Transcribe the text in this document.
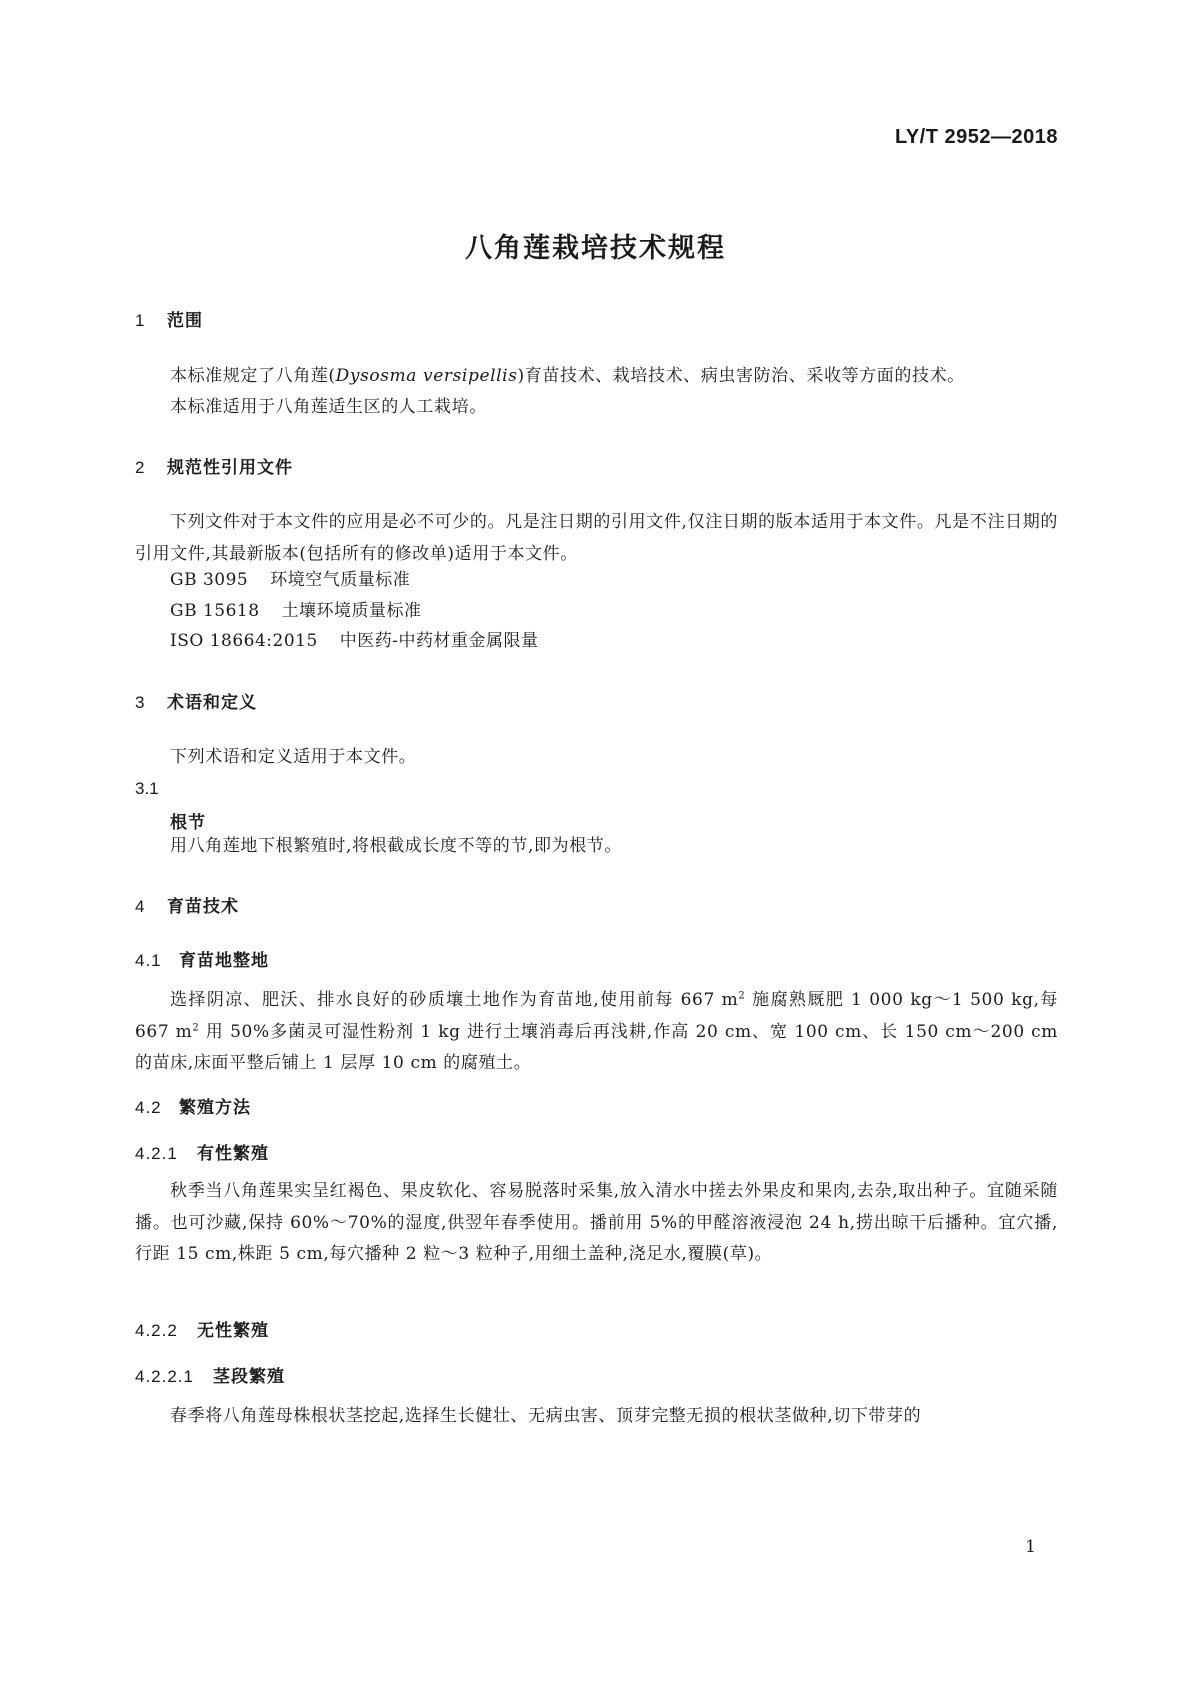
LY/T 2952—2018
八角莲栽培技术规程
1 范围
本标准规定了八角莲(Dysosma versipellis)育苗技术、栽培技术、病虫害防治、采收等方面的技术。
本标准适用于八角莲适生区的人工栽培。
2 规范性引用文件
下列文件对于本文件的应用是必不可少的。凡是注日期的引用文件,仅注日期的版本适用于本文件。凡是不注日期的引用文件,其最新版本(包括所有的修改单)适用于本文件。
GB 3095 环境空气质量标准
GB 15618 土壤环境质量标准
ISO 18664:2015 中医药-中药材重金属限量
3 术语和定义
下列术语和定义适用于本文件。
3.1
根节
用八角莲地下根繁殖时,将根截成长度不等的节,即为根节。
4 育苗技术
4.1 育苗地整地
选择阴凉、肥沃、排水良好的砂质壤土地作为育苗地,使用前每 667 $m^2$ 施腐熟厩肥 1 000 kg～1 500 kg,每 667 $m^2$ 用 50%多菌灵可湿性粉剂 1 kg 进行土壤消毒后再浅耕,作高 20 cm、宽 100 cm、长 150 cm～200 cm 的苗床,床面平整后铺上 1 层厚 10 cm 的腐殖土。
4.2 繁殖方法
4.2.1 有性繁殖
秋季当八角莲果实呈红褐色、果皮软化、容易脱落时采集,放入清水中搓去外果皮和果肉,去杂,取出种子。宜随采随播。也可沙藏,保持 60%～70%的湿度,供翌年春季使用。播前用 5%的甲醛溶液浸泡 24 h,捞出晾干后播种。宜穴播,行距 15 cm,株距 5 cm,每穴播种 2 粒～3 粒种子,用细土盖种,浇足水,覆膜(草)。
4.2.2 无性繁殖
4.2.2.1 茎段繁殖
春季将八角莲母株根状茎挖起,选择生长健壮、无病虫害、顶芽完整无损的根状茎做种,切下带芽的
1
